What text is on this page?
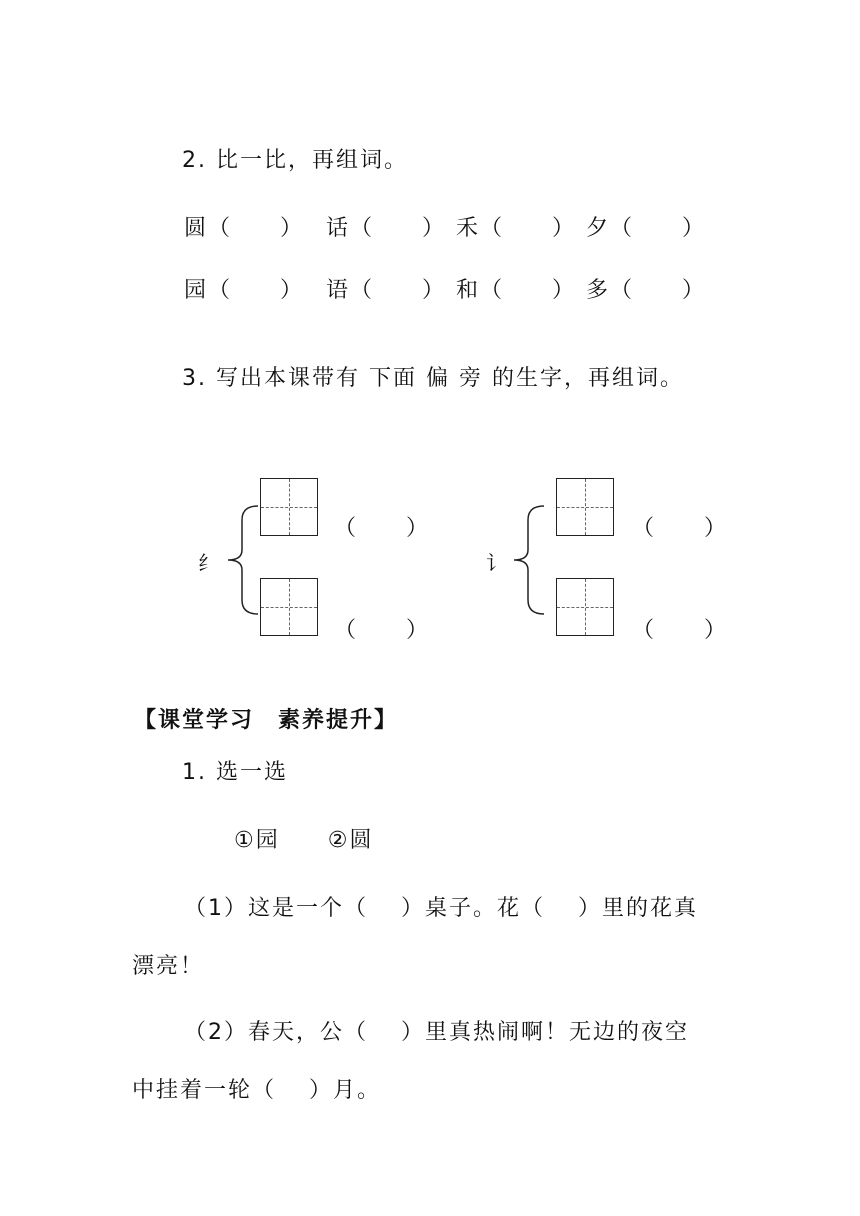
2. 比一比，再组词。
圆（　　） 话（　　） 禾（　　） 夕（　　）
园（　　） 语（　　） 和（　　） 多（　　）
3. 写出本课带有 下面 偏 旁 的生字，再组词。
纟
（　　）
（　　）
讠
（　　）
（　　）
【课堂学习　素养提升】
1. 选一选
①园　　②圆
（1）这是一个（　 ）桌子。花（　 ）里的花真
漂亮！
（2）春天，公（　 ）里真热闹啊！无边的夜空
中挂着一轮（　 ）月。
